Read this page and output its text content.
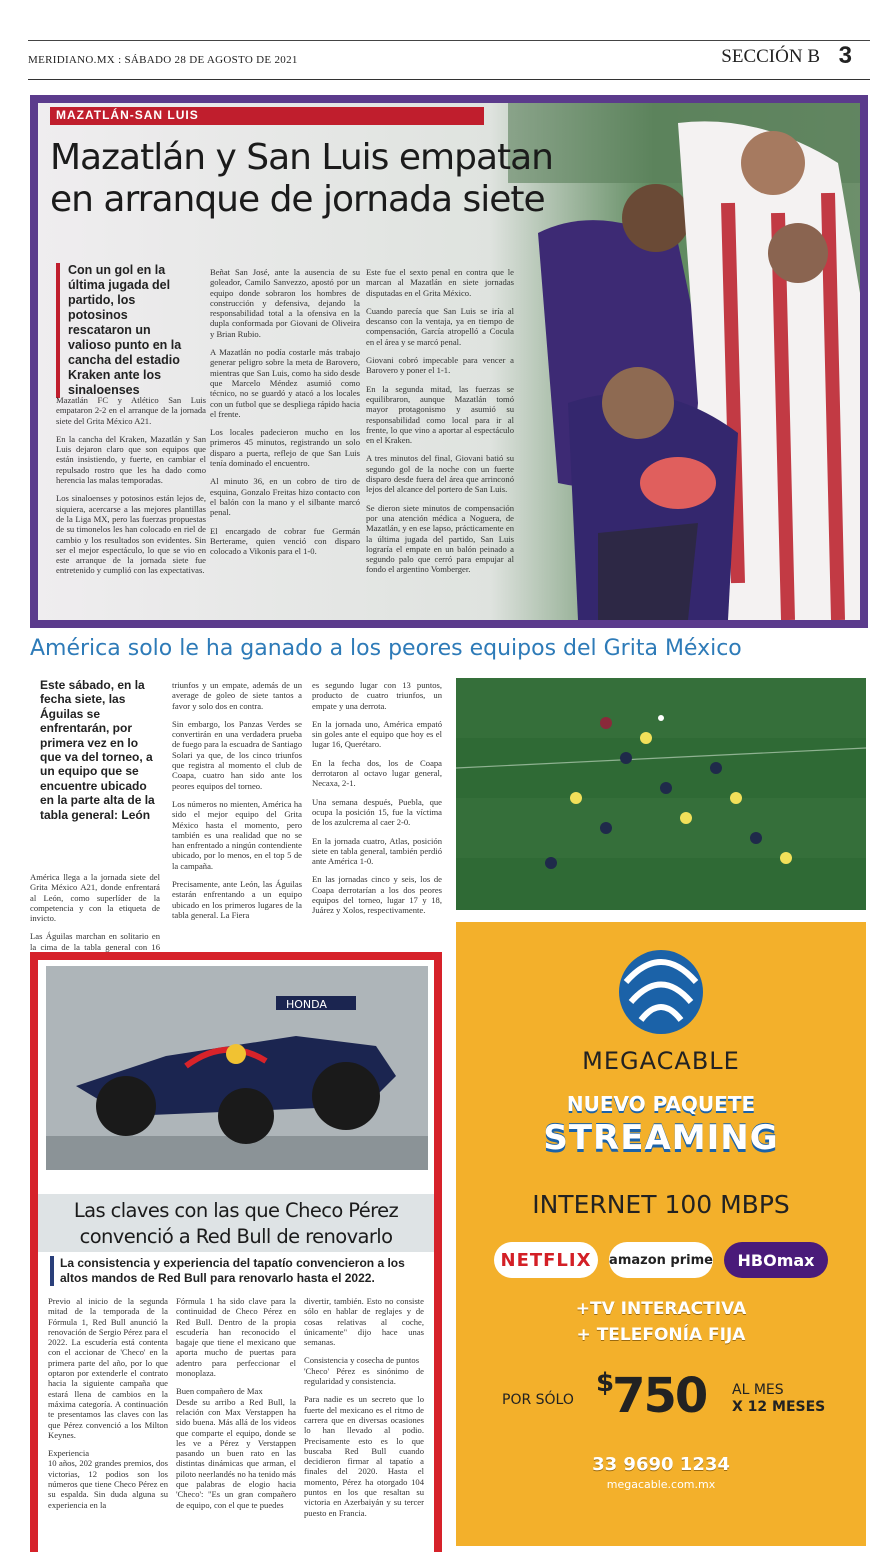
MERIDIANO.MX : SÁBADO 28 DE AGOSTO DE 2021	SECCIÓN B 3
MAZATLÁN-SAN LUIS
Mazatlán y San Luis empatan
en arranque de jornada siete
Con un gol en la última jugada del partido, los potosinos rescataron un valioso punto en la cancha del estadio Kraken ante los sinaloenses

Mazatlán FC y Atlético San Luis empataron 2-2 en el arranque de la jornada siete del Grita México A21.

En la cancha del Kraken, Mazatlán y San Luis dejaron claro que son equipos que están insistiendo, y fuerte, en cambiar el repulsado rostro que les ha dado como herencia las malas temporadas.

Los sinaloenses y potosinos están lejos de, siquiera, acercarse a las mejores plantillas de la Liga MX, pero las fuerzas propuestas de su timonelos les han colocado en riel de cambio y los resultados son evidentes. Sin ser el mejor espectáculo, lo que se vio en este arranque de la jornada siete fue entretenido y cumplió con las expectativas.

Beñat San José, ante la ausencia de su goleador, Camilo Sanvezzo, apostó por un equipo donde sobraron los hombres de construcción y defensiva, dejando la responsabilidad total a la ofensiva en la dupla conformada por Giovani de Oliveira y Brian Rubio.

A Mazatlán no podía costarle más trabajo generar peligro sobre la meta de Barovero, mientras que San Luis, como ha sido desde que Marcelo Méndez asumió como técnico, no se guardó y atacó a los locales con un futbol que se despliega rápido hacia el frente.

Los locales padecieron mucho en los primeros 45 minutos, registrando un solo disparo a puerta, reflejo de que San Luis tenía dominado el encuentro.

Al minuto 36, en un cobro de tiro de esquina, Gonzalo Freitas hizo contacto con el balón con la mano y el silbante marcó penal.

El encargado de cobrar fue Germán Berterame, quien venció con disparo colocado a Vikonis para el 1-0.

Este fue el sexto penal en contra que le marcan al Mazatlán en siete jornadas disputadas en el Grita México.

Cuando parecía que San Luis se iría al descanso con la ventaja, ya en tiempo de compensación, García atropelló a Cocula en el área y se marcó penal.

Giovani cobró impecable para vencer a Barovero y poner el 1-1.

En la segunda mitad, las fuerzas se equilibraron, aunque Mazatlán tomó mayor protagonismo y asumió su responsabilidad como local para ir al frente, lo que vino a aportar al espectáculo en el Kraken.

A tres minutos del final, Giovani batió su segundo gol de la noche con un fuerte disparo desde fuera del área que arrinconó lejos del alcance del portero de San Luis.

Se dieron siete minutos de compensación por una atención médica a Noguera, de Mazatlán, y en ese lapso, prácticamente en la última jugada del partido, San Luis lograría el empate en un balón peinado a segundo palo que cerró para empujar al fondo el argentino Vomberger.

América solo le ha ganado a los peores equipos del Grita México
Este sábado, en la fecha siete, las Águilas se enfrentarán, por primera vez en lo que va del torneo, a un equipo que se encuentre ubicado en la parte alta de la tabla general: León

América llega a la jornada siete del Grita México A21, donde enfrentará al León, como superlíder de la competencia y con la etiqueta de invicto.

Las Águilas marchan en solitario en la cima de la tabla general con 16

triunfos y un empate, además de un average de goleo de siete tantos a favor y solo dos en contra.

Sin embargo, los Panzas Verdes se convertirán en una verdadera prueba de fuego para la escuadra de Santiago Solari ya que, de los cinco triunfos que registra al momento el club de Coapa, cuatro han sido ante los peores equipos del torneo.

Los números no mienten, América ha sido el mejor equipo del Grita México hasta el momento, pero también es una realidad que no se han enfrentado a ningún contendiente ubicado, por lo menos, en el top 5 de la campaña.

Precisamente, ante León, las Águilas estarán enfrentando a un equipo ubicado en los primeros lugares de la tabla general. La Fiera

es segundo lugar con 13 puntos, producto de cuatro triunfos, un empate y una derrota.

En la jornada uno, América empató sin goles ante el equipo que hoy es el lugar 16, Querétaro.

En la fecha dos, los de Coapa derrotaron al octavo lugar general, Necaxa, 2-1.

Una semana después, Puebla, que ocupa la posición 15, fue la víctima de los azulcrema al caer 2-0.

En la jornada cuatro, Atlas, posición siete en tabla general, también perdió ante América 1-0.

En las jornadas cinco y seis, los de Coapa derrotarían a los dos peores equipos del torneo, lugar 17 y 18, Juárez y Xolos, respectivamente.

HONDA
Las claves con las que Checo Pérez
convenció a Red Bull de renovarlo
La consistencia y experiencia del tapatío convencieron a los altos mandos de Red Bull para renovarlo hasta el 2022.

Previo al inicio de la segunda mitad de la temporada de la Fórmula 1, Red Bull anunció la renovación de Sergio Pérez para el 2022. La escudería está contenta con el accionar de 'Checo' en la primera parte del año, por lo que optaron por extenderle el contrato hacia la siguiente campaña que estará llena de cambios en la máxima categoría. A continuación te presentamos las claves con las que Pérez convenció a los Milton Keynes.

Experiencia

10 años, 202 grandes premios, dos victorias, 12 podios son los números que tiene Checo Pérez en su espalda. Sin duda alguna su experiencia en la

Fórmula 1 ha sido clave para la continuidad de Checo Pérez en Red Bull. Dentro de la propia escudería han reconocido el bagaje que tiene el mexicano que aporta mucho de puertas para adentro para perfeccionar el monoplaza.

Buen compañero de Max

Desde su arribo a Red Bull, la relación con Max Verstappen ha sido buena. Más allá de los videos que comparte el equipo, donde se les ve a Pérez y Verstappen pasando un buen rato en las distintas dinámicas que arman, el piloto neerlandés no ha tenido más que palabras de elogio hacia 'Checo': "Es un gran compañero de equipo, con el que te puedes

divertir, también. Esto no consiste sólo en hablar de reglajes y de cosas relativas al coche, únicamente" dijo hace unas semanas.

Consistencia y cosecha de puntos

'Checo' Pérez es sinónimo de regularidad y consistencia.

Para nadie es un secreto que lo fuerte del mexicano es el ritmo de carrera que en diversas ocasiones lo han llevado al podio. Precisamente esto es lo que buscaba Red Bull cuando decidieron firmar al tapatío a finales del 2020. Hasta el momento, Pérez ha otorgado 104 puntos en los que resaltan su victoria en Azerbaiyán y su tercer puesto en Francia.

MEGACABLE
NUEVO PAQUETE
STREAMING
INTERNET 100 MBPS
NETFLIX	amazon prime	HBOmax
+TV INTERACTIVA
+ TELEFONÍA FIJA
POR SÓLO
$750 AL MES
X 12 MESES
33 9690 1234
megacable.com.mx
